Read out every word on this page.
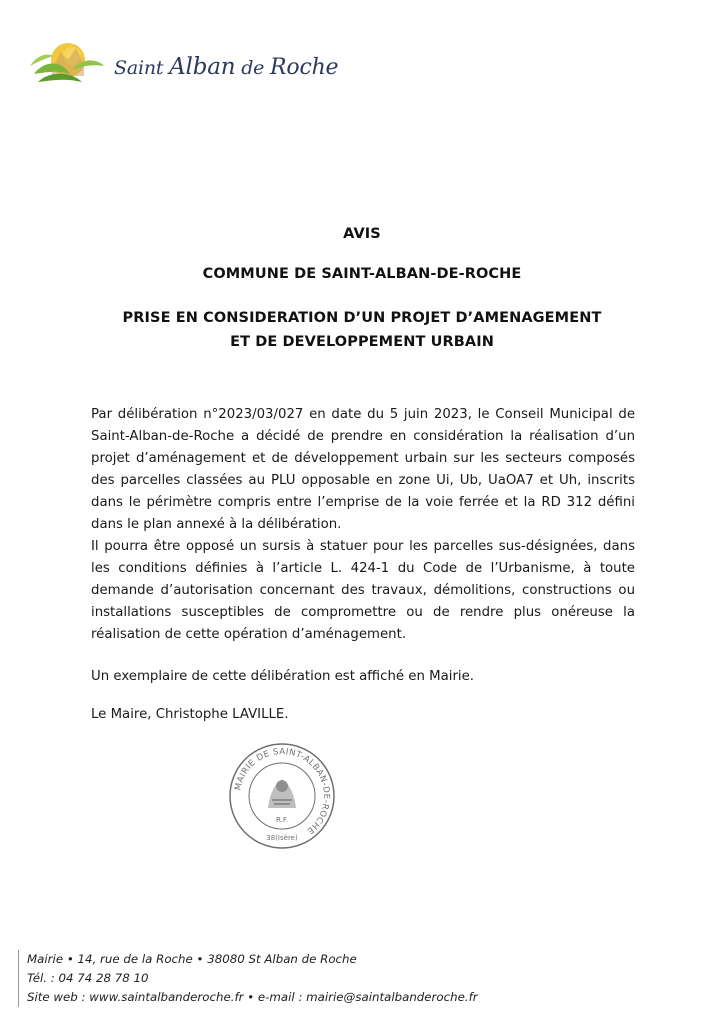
Saint Alban de Roche

AVIS

COMMUNE DE SAINT-ALBAN-DE-ROCHE

PRISE EN CONSIDERATION D’UN PROJET D’AMENAGEMENT

ET DE DEVELOPPEMENT URBAIN

Par délibération n°2023/03/027 en date du 5 juin 2023, le Conseil Municipal de Saint-Alban-de-Roche a décidé de prendre en considération la réalisation d’un projet d’aménagement et de développement urbain sur les secteurs composés des parcelles classées au PLU opposable en zone Ui, Ub, UaOA7 et Uh, inscrits dans le périmètre compris entre l’emprise de la voie ferrée et la RD 312 défini dans le plan annexé à la délibération.

Il pourra être opposé un sursis à statuer pour les parcelles sus-désignées, dans les conditions définies à l’article L. 424-1 du Code de l’Urbanisme, à toute demande d’autorisation concernant des travaux, démolitions, constructions ou installations susceptibles de compromettre ou de rendre plus onéreuse la réalisation de cette opération d’aménagement.

Un exemplaire de cette délibération est affiché en Mairie.

Le Maire, Christophe LAVILLE.

MAIRIE DE SAINT-ALBAN-DE-ROCHE
R.F.
38(Isère)
Mairie • 14, rue de la Roche • 38080 St Alban de Roche
Tél. : 04 74 28 78 10
Site web : www.saintalbanderoche.fr • e-mail : mairie@saintalbanderoche.fr
